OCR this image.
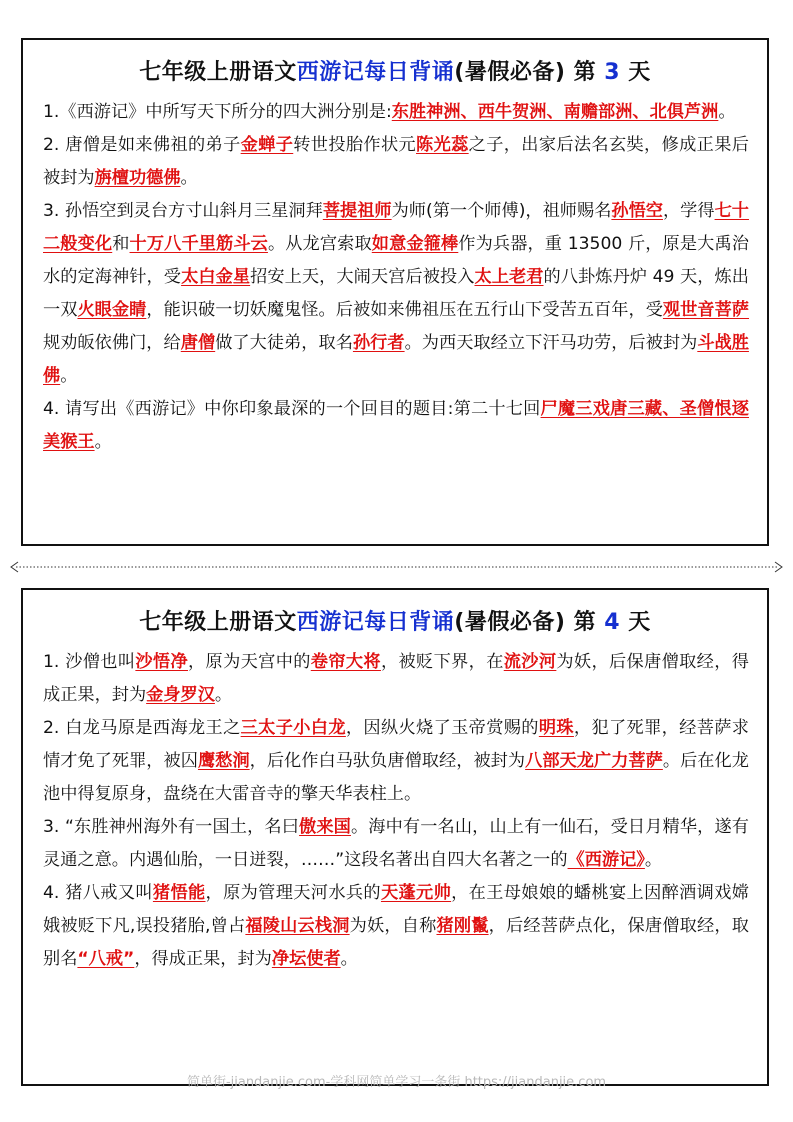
七年级上册语文西游记每日背诵(暑假必备) 第 3 天

1.《西游记》中所写天下所分的四大洲分别是:东胜神洲、西牛贺洲、南赡部洲、北俱芦洲。

2. 唐僧是如来佛祖的弟子金蝉子转世投胎作状元陈光蕊之子，出家后法名玄奘，修成正果后被封为旃檀功德佛。

3. 孙悟空到灵台方寸山斜月三星洞拜菩提祖师为师(第一个师傅)，祖师赐名孙悟空，学得七十二般变化和十万八千里筋斗云。从龙宫索取如意金箍棒作为兵器，重 13500 斤，原是大禹治水的定海神针，受太白金星招安上天，大闹天宫后被投入太上老君的八卦炼丹炉 49 天，炼出一双火眼金睛，能识破一切妖魔鬼怪。后被如来佛祖压在五行山下受苦五百年，受观世音菩萨规劝皈依佛门，给唐僧做了大徒弟，取名孙行者。为西天取经立下汗马功劳，后被封为斗战胜佛。

4. 请写出《西游记》中你印象最深的一个回目的题目:第二十七回尸魔三戏唐三藏、圣僧恨逐美猴王。

七年级上册语文西游记每日背诵(暑假必备) 第 4 天

1. 沙僧也叫沙悟净，原为天宫中的卷帘大将，被贬下界，在流沙河为妖，后保唐僧取经，得成正果，封为金身罗汉。

2. 白龙马原是西海龙王之三太子小白龙，因纵火烧了玉帝赏赐的明珠，犯了死罪，经菩萨求情才免了死罪，被囚鹰愁涧，后化作白马驮负唐僧取经，被封为八部天龙广力菩萨。后在化龙池中得复原身，盘绕在大雷音寺的擎天华表柱上。

3. “东胜神州海外有一国土，名曰傲来国。海中有一名山，山上有一仙石，受日月精华，遂有灵通之意。内遇仙胎，一日迸裂，……”这段名著出自四大名著之一的《西游记》。

4. 猪八戒又叫猪悟能，原为管理天河水兵的天蓬元帅，在王母娘娘的蟠桃宴上因醉酒调戏嫦娥被贬下凡,误投猪胎,曾占福陵山云栈洞为妖，自称猪刚鬣，后经菩萨点化，保唐僧取经，取别名“八戒”，得成正果，封为净坛使者。

简单街-jiandanjie.com-学科网简单学习一条街 https://jiandanjie.com
